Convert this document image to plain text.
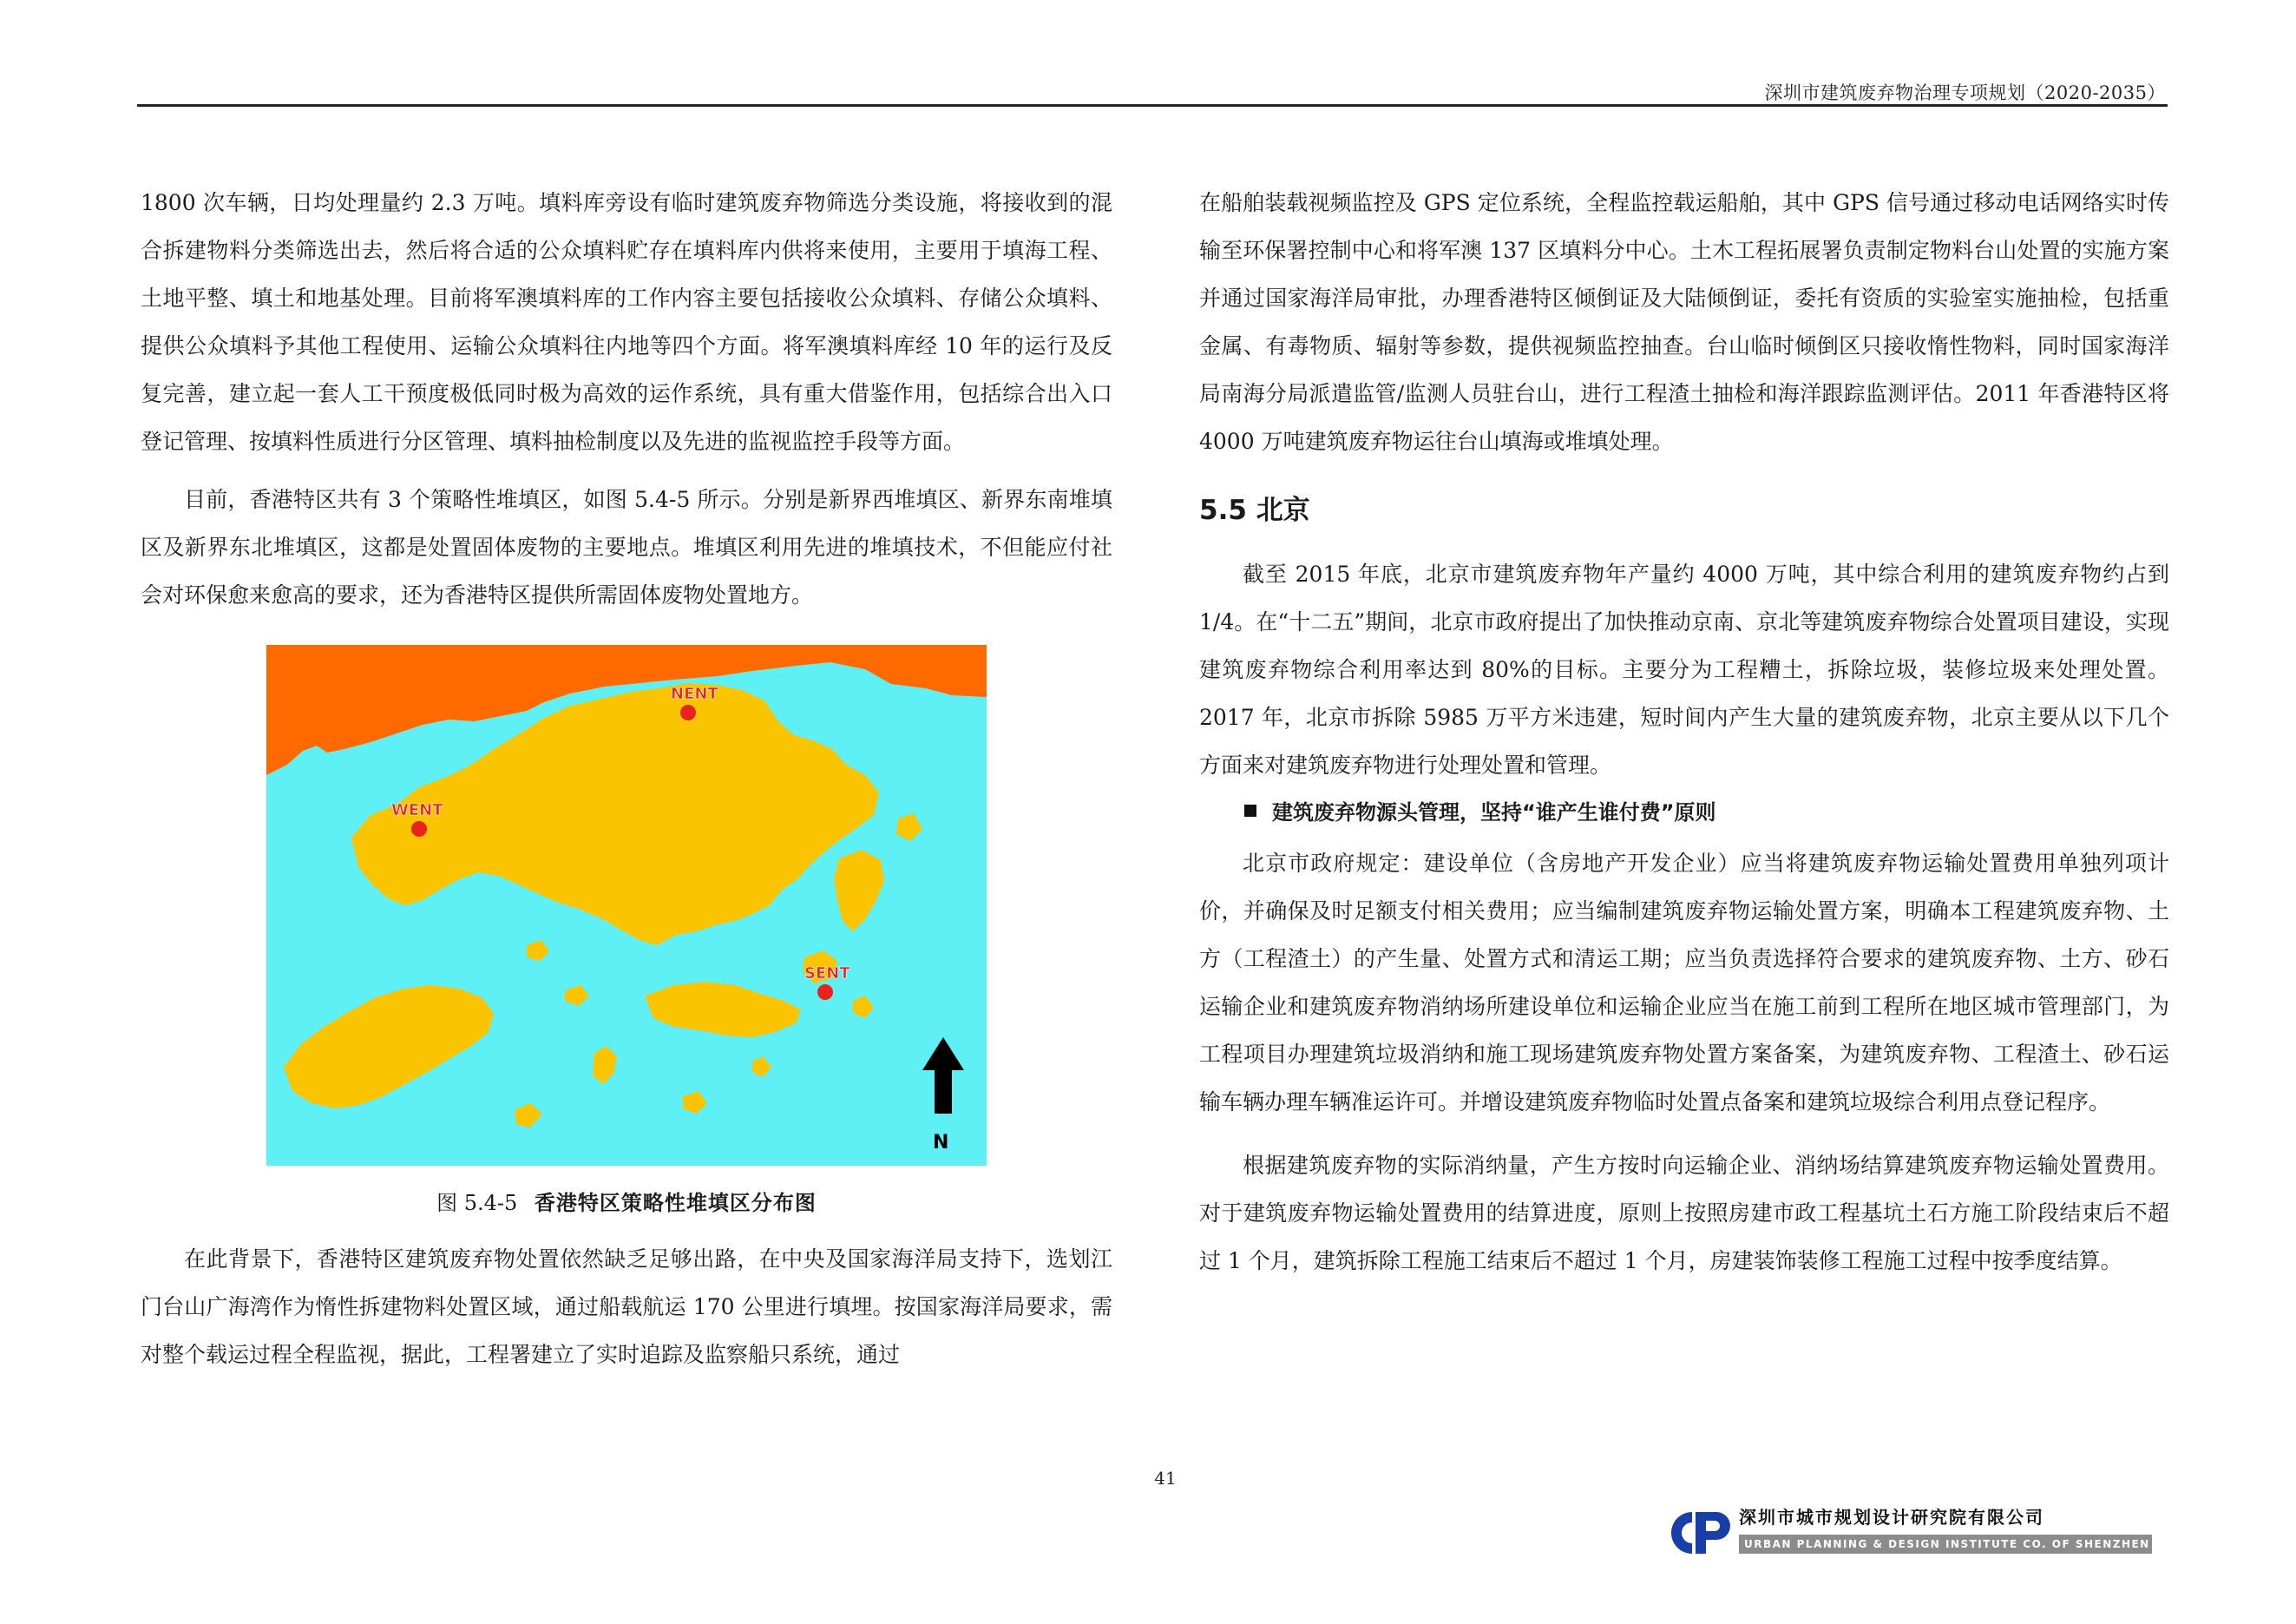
深圳市建筑废弃物治理专项规划（2020-2035）

1800 次车辆，日均处理量约 2.3 万吨。填料库旁设有临时建筑废弃物筛选分类设施，将接收到的混合拆建物料分类筛选出去，然后将合适的公众填料贮存在填料库内供将来使用，主要用于填海工程、土地平整、填土和地基处理。目前将军澳填料库的工作内容主要包括接收公众填料、存储公众填料、提供公众填料予其他工程使用、运输公众填料往内地等四个方面。将军澳填料库经 10 年的运行及反复完善，建立起一套人工干预度极低同时极为高效的运作系统，具有重大借鉴作用，包括综合出入口登记管理、按填料性质进行分区管理、填料抽检制度以及先进的监视监控手段等方面。

目前，香港特区共有 3 个策略性堆填区，如图 5.4-5 所示。分别是新界西堆填区、新界东南堆填区及新界东北堆填区，这都是处置固体废物的主要地点。堆填区利用先进的堆填技术，不但能应付社会对环保愈来愈高的要求，还为香港特区提供所需固体废物处置地方。

NENT
WENT
SENT
N
图 5.4-5 香港特区策略性堆填区分布图

在此背景下，香港特区建筑废弃物处置依然缺乏足够出路，在中央及国家海洋局支持下，选划江门台山广海湾作为惰性拆建物料处置区域，通过船载航运 170 公里进行填埋。按国家海洋局要求，需对整个载运过程全程监视，据此，工程署建立了实时追踪及监察船只系统，通过

在船舶装载视频监控及 GPS 定位系统，全程监控载运船舶，其中 GPS 信号通过移动电话网络实时传输至环保署控制中心和将军澳 137 区填料分中心。土木工程拓展署负责制定物料台山处置的实施方案并通过国家海洋局审批，办理香港特区倾倒证及大陆倾倒证，委托有资质的实验室实施抽检，包括重金属、有毒物质、辐射等参数，提供视频监控抽查。台山临时倾倒区只接收惰性物料，同时国家海洋局南海分局派遣监管/监测人员驻台山，进行工程渣土抽检和海洋跟踪监测评估。2011 年香港特区将 4000 万吨建筑废弃物运往台山填海或堆填处理。

5.5 北京

截至 2015 年底，北京市建筑废弃物年产量约 4000 万吨，其中综合利用的建筑废弃物约占到 1/4。在“十二五”期间，北京市政府提出了加快推动京南、京北等建筑废弃物综合处置项目建设，实现建筑废弃物综合利用率达到 80%的目标。主要分为工程糟土，拆除垃圾，装修垃圾来处理处置。2017 年，北京市拆除 5985 万平方米违建，短时间内产生大量的建筑废弃物，北京主要从以下几个方面来对建筑废弃物进行处理处置和管理。

建筑废弃物源头管理，坚持“谁产生谁付费”原则

北京市政府规定：建设单位（含房地产开发企业）应当将建筑废弃物运输处置费用单独列项计价，并确保及时足额支付相关费用；应当编制建筑废弃物运输处置方案，明确本工程建筑废弃物、土方（工程渣土）的产生量、处置方式和清运工期；应当负责选择符合要求的建筑废弃物、土方、砂石运输企业和建筑废弃物消纳场所建设单位和运输企业应当在施工前到工程所在地区城市管理部门，为工程项目办理建筑垃圾消纳和施工现场建筑废弃物处置方案备案，为建筑废弃物、工程渣土、砂石运输车辆办理车辆准运许可。并增设建筑废弃物临时处置点备案和建筑垃圾综合利用点登记程序。

根据建筑废弃物的实际消纳量，产生方按时向运输企业、消纳场结算建筑废弃物运输处置费用。对于建筑废弃物运输处置费用的结算进度，原则上按照房建市政工程基坑土石方施工阶段结束后不超过 1 个月，建筑拆除工程施工结束后不超过 1 个月，房建装饰装修工程施工过程中按季度结算。

41
深圳市城市规划设计研究院有限公司
URBAN PLANNING & DESIGN INSTITUTE CO. OF SHENZHEN
